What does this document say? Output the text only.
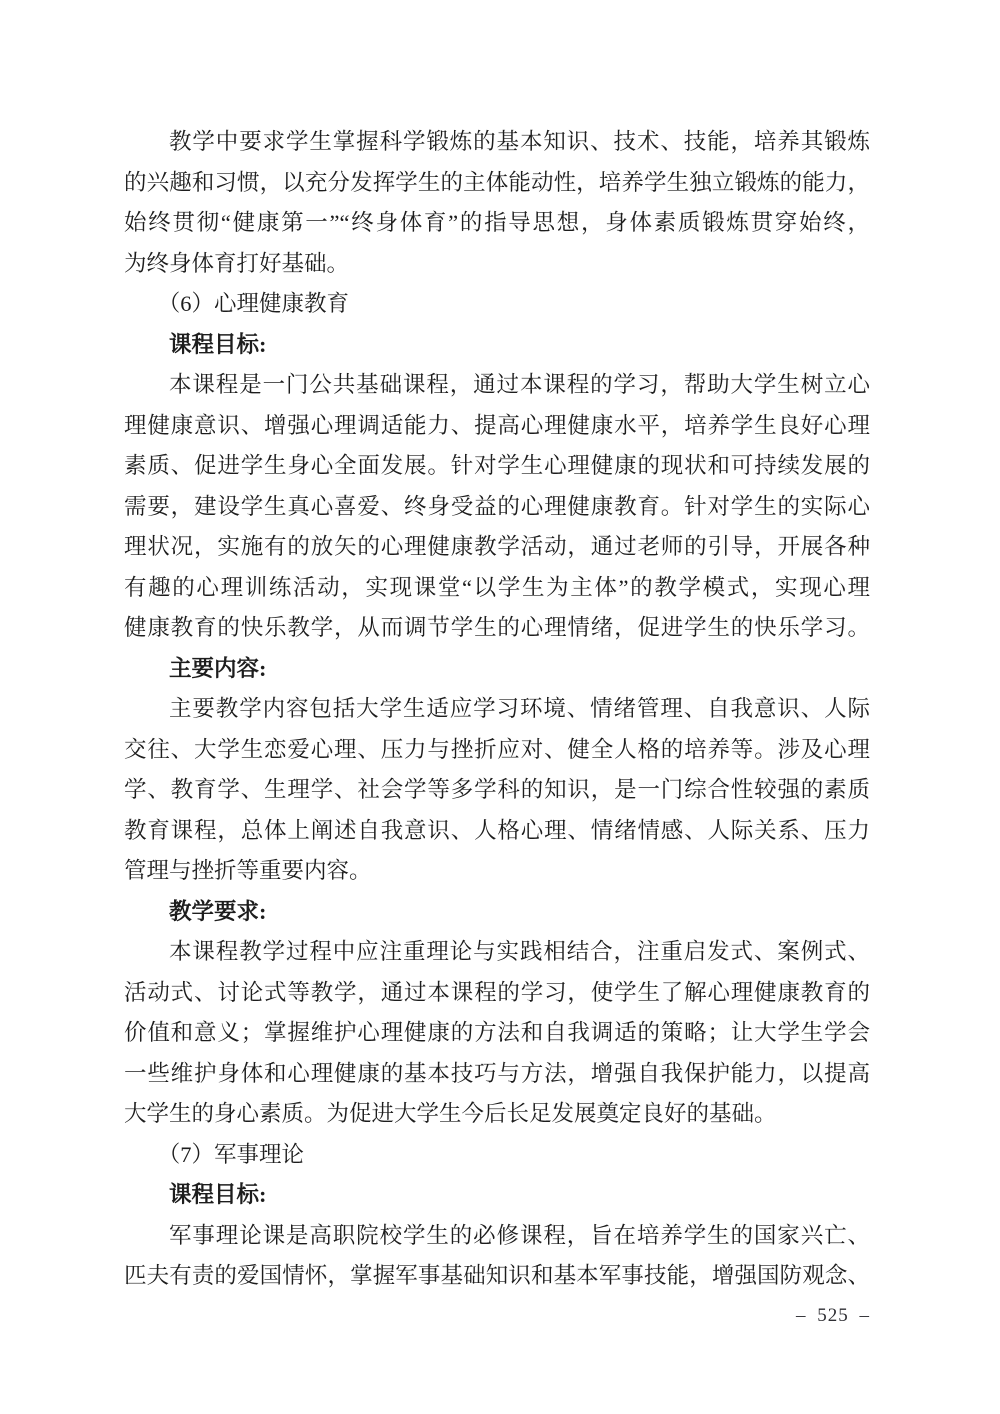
教学中要求学生掌握科学锻炼的基本知识、技术、技能，培养其锻炼
的兴趣和习惯，以充分发挥学生的主体能动性，培养学生独立锻炼的能力，
始终贯彻“健康第一”“终身体育”的指导思想，身体素质锻炼贯穿始终，
为终身体育打好基础。
（6）心理健康教育
课程目标:
本课程是一门公共基础课程，通过本课程的学习，帮助大学生树立心
理健康意识、增强心理调适能力、提高心理健康水平，培养学生良好心理
素质、促进学生身心全面发展。针对学生心理健康的现状和可持续发展的
需要，建设学生真心喜爱、终身受益的心理健康教育。针对学生的实际心
理状况，实施有的放矢的心理健康教学活动，通过老师的引导，开展各种
有趣的心理训练活动，实现课堂“以学生为主体”的教学模式，实现心理
健康教育的快乐教学，从而调节学生的心理情绪，促进学生的快乐学习。
主要内容:
主要教学内容包括大学生适应学习环境、情绪管理、自我意识、人际
交往、大学生恋爱心理、压力与挫折应对、健全人格的培养等。涉及心理
学、教育学、生理学、社会学等多学科的知识，是一门综合性较强的素质
教育课程，总体上阐述自我意识、人格心理、情绪情感、人际关系、压力
管理与挫折等重要内容。
教学要求:
本课程教学过程中应注重理论与实践相结合，注重启发式、案例式、
活动式、讨论式等教学，通过本课程的学习，使学生了解心理健康教育的
价值和意义；掌握维护心理健康的方法和自我调适的策略；让大学生学会
一些维护身体和心理健康的基本技巧与方法，增强自我保护能力，以提高
大学生的身心素质。为促进大学生今后长足发展奠定良好的基础。
（7）军事理论
课程目标:
军事理论课是高职院校学生的必修课程，旨在培养学生的国家兴亡、
匹夫有责的爱国情怀，掌握军事基础知识和基本军事技能，增强国防观念、
– 525 –
